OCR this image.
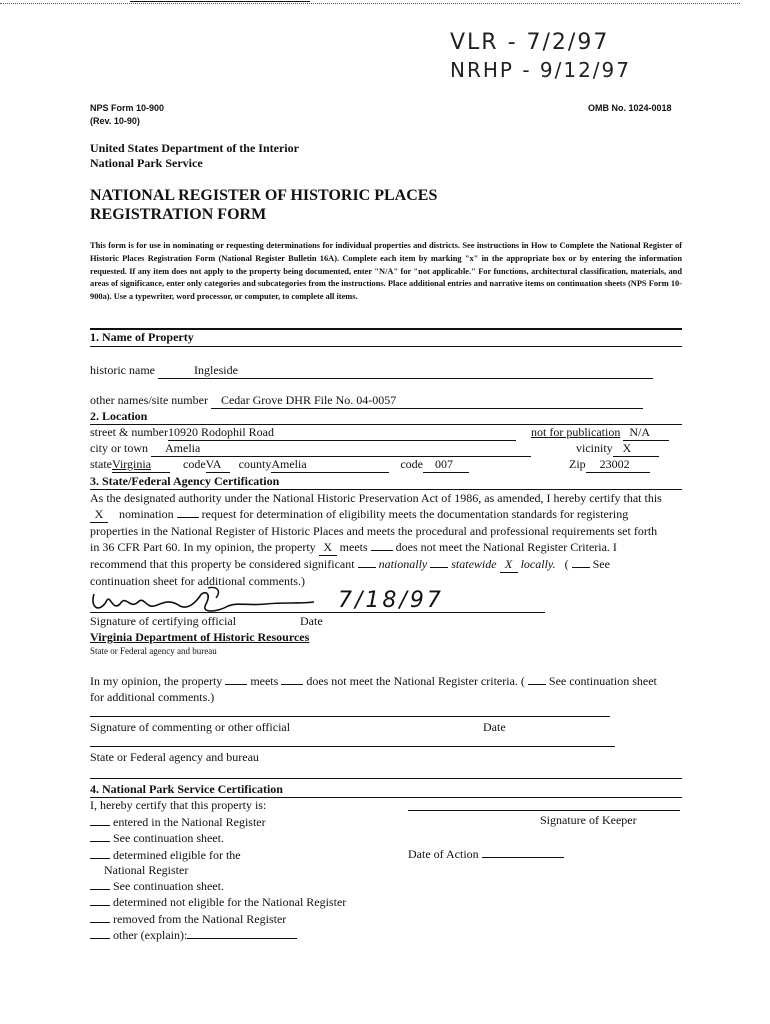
VLR - 7/2/97
NRHP - 9/12/97
NPS Form 10-900
(Rev. 10-90)
OMB No. 1024-0018
United States Department of the Interior
National Park Service
NATIONAL REGISTER OF HISTORIC PLACES
REGISTRATION FORM
This form is for use in nominating or requesting determinations for individual properties and districts. See instructions in How to Complete the National Register of Historic Places Registration Form (National Register Bulletin 16A). Complete each item by marking "x" in the appropriate box or by entering the information requested. If any item does not apply to the property being documented, enter "N/A" for "not applicable." For functions, architectural classification, materials, and areas of significance, enter only categories and subcategories from the instructions. Place additional entries and narrative items on continuation sheets (NPS Form 10-900a). Use a typewriter, word processor, or computer, to complete all items.
1. Name of Property
historic name	Ingleside
other names/site number Cedar Grove DHR File No. 04-0057
2. Location
street & number10920 Rodophil Road	not for publication N/A
city or town Amelia	vicinity X
stateVirginia	codeVA countyAmelia	code 007	Zip 23002
3. State/Federal Agency Certification
As the designated authority under the National Historic Preservation Act of 1986, as amended, I hereby certify that this
X nomination request for determination of eligibility meets the documentation standards for registering
properties in the National Register of Historic Places and meets the procedural and professional requirements set forth
in 36 CFR Part 60. In my opinion, the property X meets does not meet the National Register Criteria. I
recommend that this property be considered significant nationally statewide X locally. ( See
continuation sheet for additional comments.)
7/18/97
Signature of certifying official	Date
Virginia Department of Historic Resources
State or Federal agency and bureau
In my opinion, the property meets does not meet the National Register criteria. ( See continuation sheet
for additional comments.)
Signature of commenting or other official	Date
State or Federal agency and bureau
4. National Park Service Certification
I, hereby certify that this property is:
Signature of Keeper
entered in the National Register
See continuation sheet.
determined eligible for the
National Register
See continuation sheet.
determined not eligible for the National Register
removed from the National Register
other (explain):
Date of Action
